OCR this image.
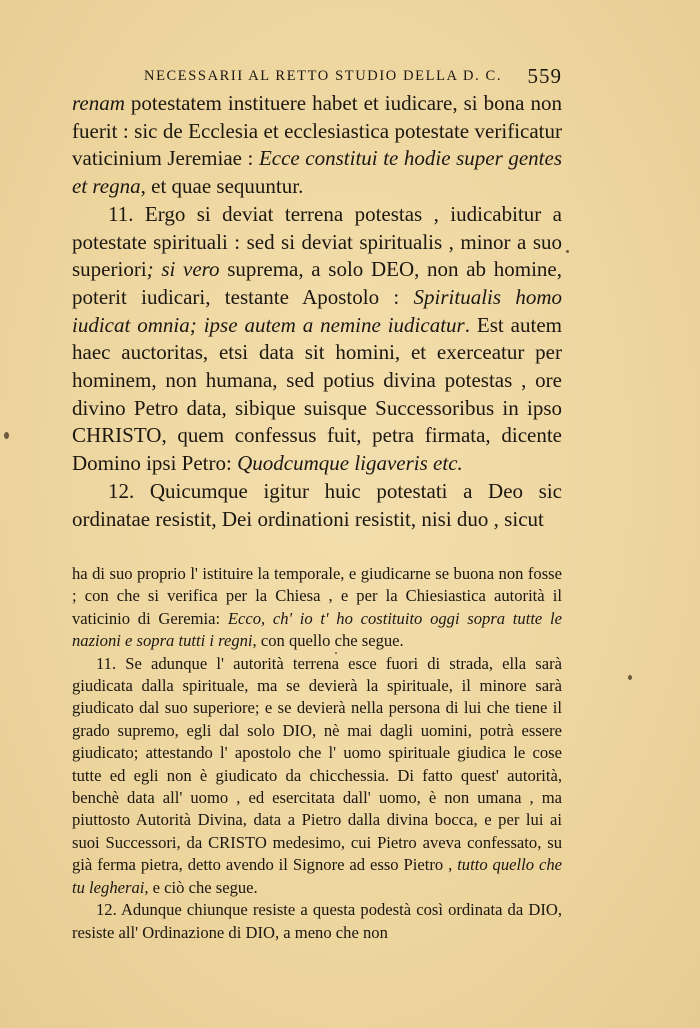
NECESSARII AL RETTO STUDIO DELLA D. C. 559

renam potestatem instituere habet et iudicare, si bona non fuerit : sic de Ecclesia et ecclesiastica potestate verificatur vaticinium Jeremiae : Ecce constitui te hodie super gentes et regna, et quae sequuntur.

11. Ergo si deviat terrena potestas , iudicabitur a potestate spirituali : sed si deviat spiritualis , minor a suo superiori; si vero suprema, a solo DEO, non ab homine, poterit iudicari, testante Apostolo : Spiritualis homo iudicat omnia; ipse autem a nemine iudicatur. Est autem haec auctoritas, etsi data sit homini, et exerceatur per hominem, non humana, sed potius divina potestas , ore divino Petro data, sibique suisque Successoribus in ipso CHRISTO, quem confessus fuit, petra firmata, dicente Domino ipsi Petro: Quodcumque ligaveris etc.

12. Quicumque igitur huic potestati a Deo sic ordinatae resistit, Dei ordinationi resistit, nisi duo , sicut

ha di suo proprio l' istituire la temporale, e giudicarne se buona non fosse ; con che si verifica per la Chiesa , e per la Chiesiastica autorità il vaticinio di Geremia: Ecco, ch' io t' ho costituito oggi sopra tutte le nazioni e sopra tutti i regni, con quello che segue.

11. Se adunque l' autorità terrena esce fuori di strada, ella sarà giudicata dalla spirituale, ma se devierà la spirituale, il minore sarà giudicato dal suo superiore; e se devierà nella persona di lui che tiene il grado supremo, egli dal solo DIO, nè mai dagli uomini, potrà essere giudicato; attestando l' apostolo che l' uomo spirituale giudica le cose tutte ed egli non è giudicato da chicchessia. Di fatto quest' autorità, benchè data all' uomo , ed esercitata dall' uomo, è non umana , ma piuttosto Autorità Divina, data a Pietro dalla divina bocca, e per lui ai suoi Successori, da CRISTO medesimo, cui Pietro aveva confessato, su già ferma pietra, detto avendo il Signore ad esso Pietro , tutto quello che tu legherai, e ciò che segue.

12. Adunque chiunque resiste a questa podestà così ordinata da DIO, resiste all' Ordinazione di DIO, a meno che non
